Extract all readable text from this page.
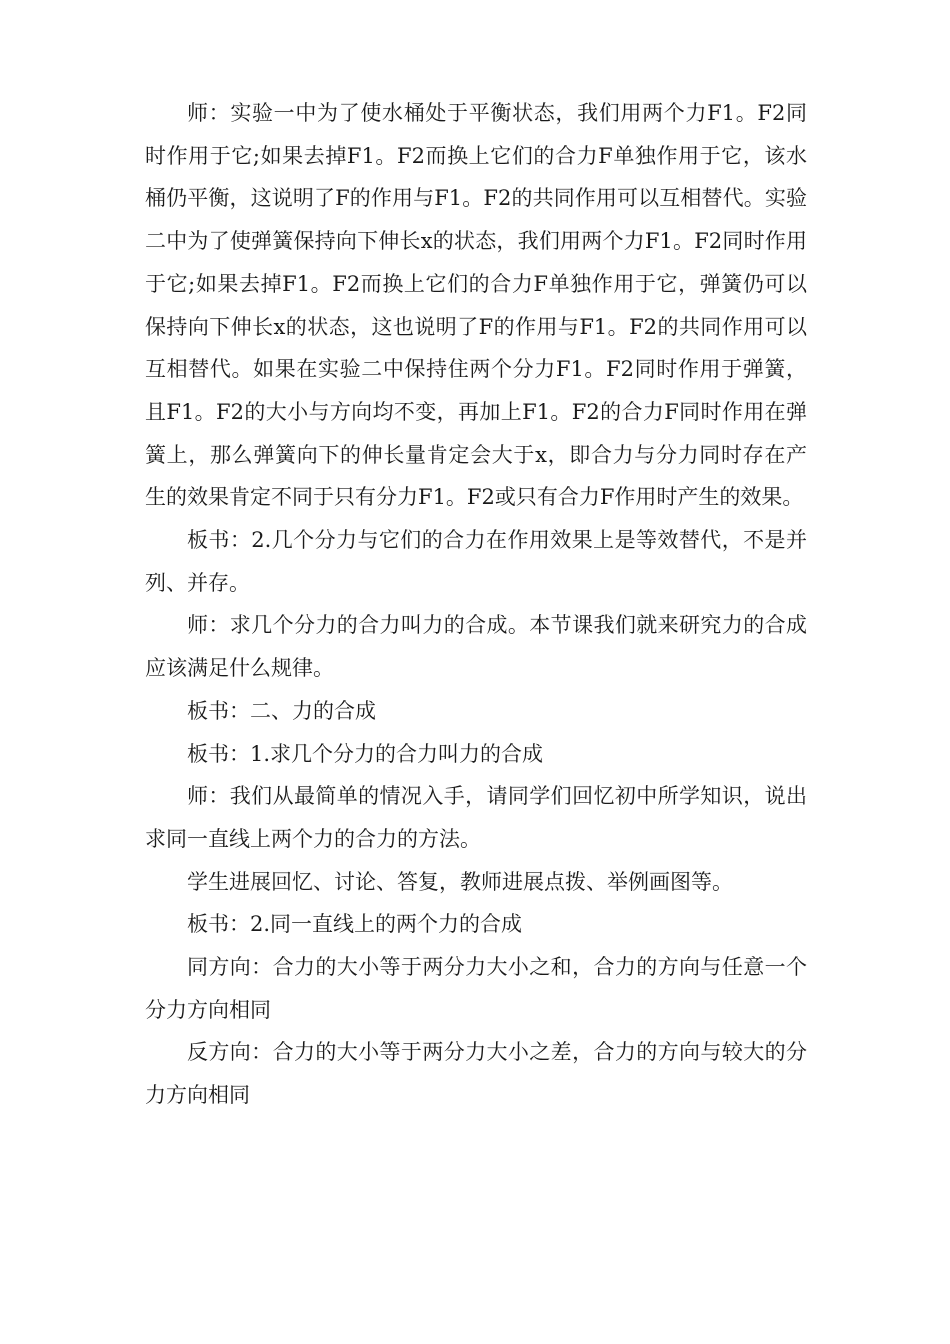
师：实验一中为了使水桶处于平衡状态，我们用两个力F1。F2同时作用于它;如果去掉F1。F2而换上它们的合力F单独作用于它，该水桶仍平衡，这说明了F的作用与F1。F2的共同作用可以互相替代。实验二中为了使弹簧保持向下伸长x的状态，我们用两个力F1。F2同时作用于它;如果去掉F1。F2而换上它们的合力F单独作用于它，弹簧仍可以保持向下伸长x的状态，这也说明了F的作用与F1。F2的共同作用可以互相替代。如果在实验二中保持住两个分力F1。F2同时作用于弹簧，且F1。F2的大小与方向均不变，再加上F1。F2的合力F同时作用在弹簧上，那么弹簧向下的伸长量肯定会大于x，即合力与分力同时存在产生的效果肯定不同于只有分力F1。F2或只有合力F作用时产生的效果。

板书：2.几个分力与它们的合力在作用效果上是等效替代，不是并列、并存。

师：求几个分力的合力叫力的合成。本节课我们就来研究力的合成应该满足什么规律。

板书：二、力的合成

板书：1.求几个分力的合力叫力的合成

师：我们从最简单的情况入手，请同学们回忆初中所学知识，说出求同一直线上两个力的合力的方法。

学生进展回忆、讨论、答复，教师进展点拨、举例画图等。

板书：2.同一直线上的两个力的合成

同方向：合力的大小等于两分力大小之和，合力的方向与任意一个分力方向相同

反方向：合力的大小等于两分力大小之差，合力的方向与较大的分力方向相同
